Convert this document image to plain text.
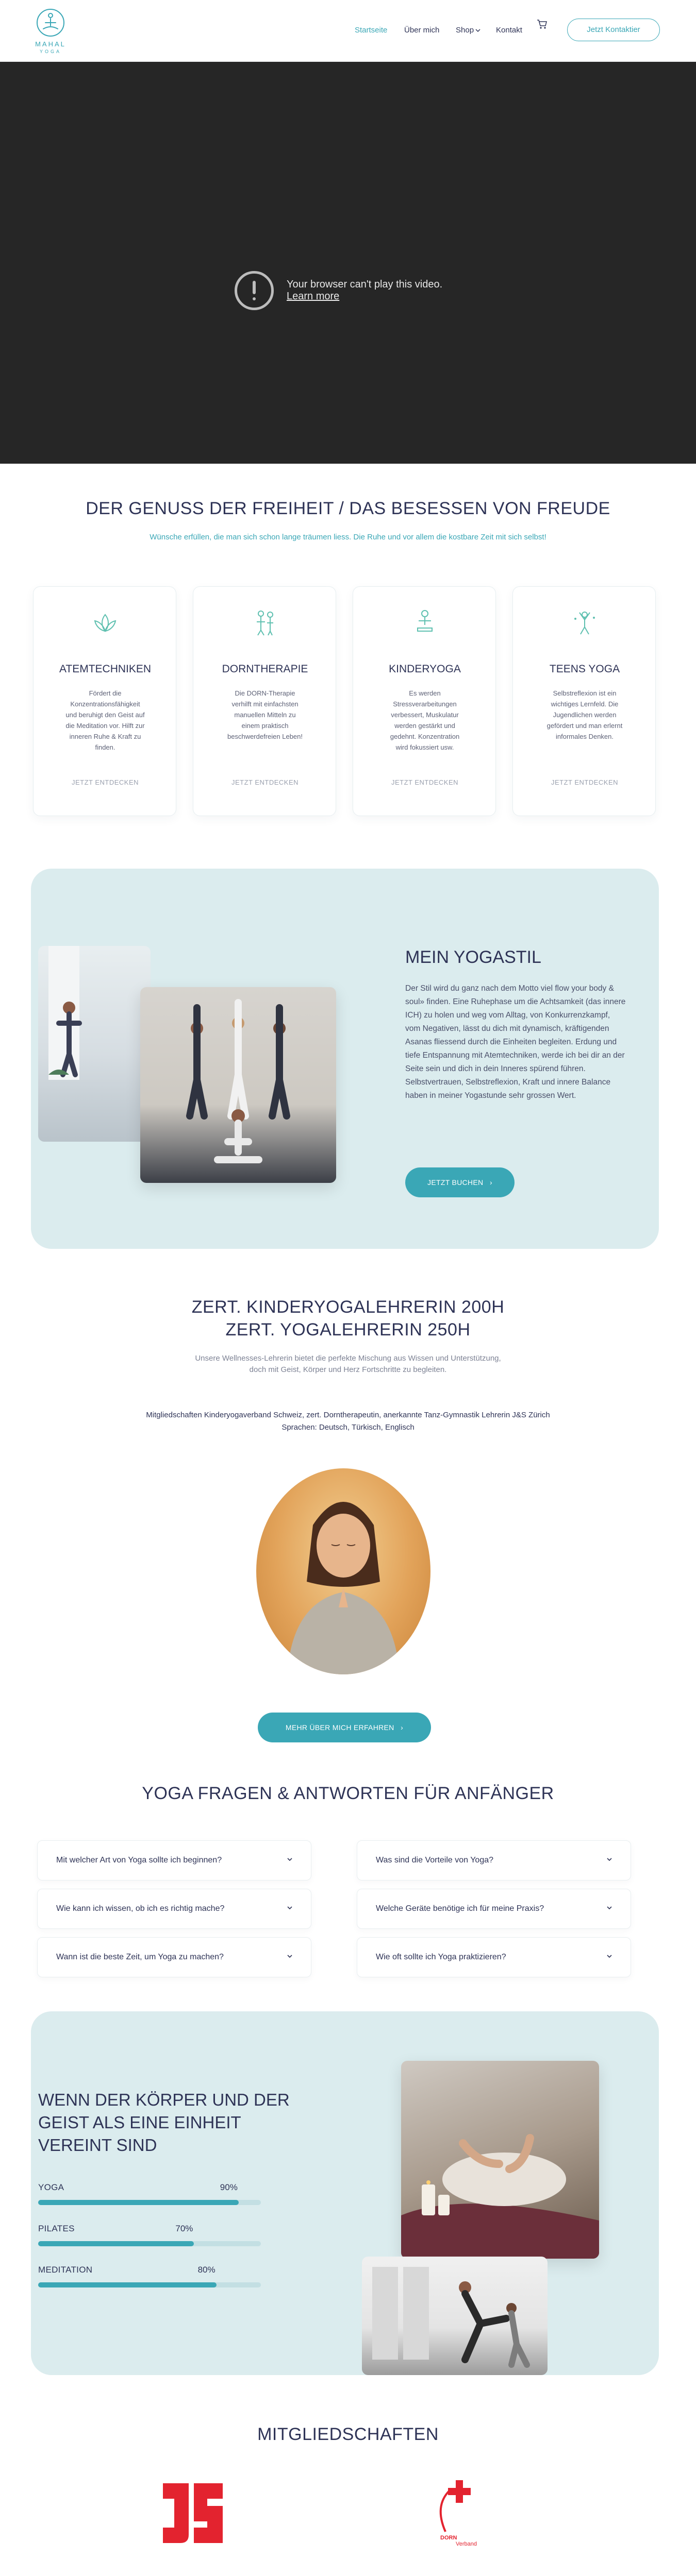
MAHAL
YOGA
Startseite Über mich Shop	Kontakt	Jetzt Kontaktier
Your browser can't play this video.
Learn more
DER GENUSS DER FREIHEIT / DAS BESESSEN VON FREUDE
Wünsche erfüllen, die man sich schon lange träumen liess. Die Ruhe und vor allem die kostbare Zeit mit sich selbst!
ATEMTECHNIKEN
Fördert die Konzentrationsfähigkeit und beruhigt den Geist auf die Meditation vor. Hilft zur inneren Ruhe & Kraft zu finden.
JETZT ENTDECKEN
DORNTHERAPIE
Die DORN-Therapie verhilft mit einfachsten manuellen Mitteln zu einem praktisch beschwerdefreien Leben!
JETZT ENTDECKEN
KINDERYOGA
Es werden Stressverarbeitungen verbessert, Muskulatur werden gestärkt und gedehnt. Konzentration wird fokussiert usw.
JETZT ENTDECKEN
TEENS YOGA
Selbstreflexion ist ein wichtiges Lernfeld. Die Jugendlichen werden gefördert und man erlernt informales Denken.
JETZT ENTDECKEN
MEIN YOGASTIL
Der Stil wird du ganz nach dem Motto viel flow your body & soul» finden. Eine Ruhephase um die Achtsamkeit (das innere ICH) zu holen und weg vom Alltag, von Konkurrenzkampf, vom Negativen, lässt du dich mit dynamisch, kräftigenden Asanas fliessend durch die Einheiten begleiten. Erdung und tiefe Entspannung mit Atemtechniken, werde ich bei dir an der Seite sein und dich in dein Inneres spürend führen. Selbstvertrauen, Selbstreflexion, Kraft und innere Balance haben in meiner Yogastunde sehr grossen Wert.
JETZT BUCHEN   ›
ZERT. KINDERYOGALEHRERIN 200H
ZERT. YOGALEHRERIN 250H
Unsere Wellnesses-Lehrerin bietet die perfekte Mischung aus Wissen und Unterstützung, doch mit Geist, Körper und Herz Fortschritte zu begleiten.
Mitgliedschaften Kinderyogaverband Schweiz, zert. Dorntherapeutin, anerkannte Tanz-Gymnastik Lehrerin J&S Zürich
Sprachen: Deutsch, Türkisch, Englisch
MEHR ÜBER MICH ERFAHREN   ›
YOGA FRAGEN & ANTWORTEN FÜR ANFÄNGER
Mit welcher Art von Yoga sollte ich beginnen?	Was sind die Vorteile von Yoga?
Wie kann ich wissen, ob ich es richtig mache?	Welche Geräte benötige ich für meine Praxis?
Wann ist die beste Zeit, um Yoga zu machen?	Wie oft sollte ich Yoga praktizieren?
WENN DER KÖRPER UND DER
GEIST ALS EINE EINHEIT
VEREINT SIND
YOGA	90%
PILATES	70%
MEDITATION	80%
MITGLIEDSCHAFTEN
DORN
Verband
